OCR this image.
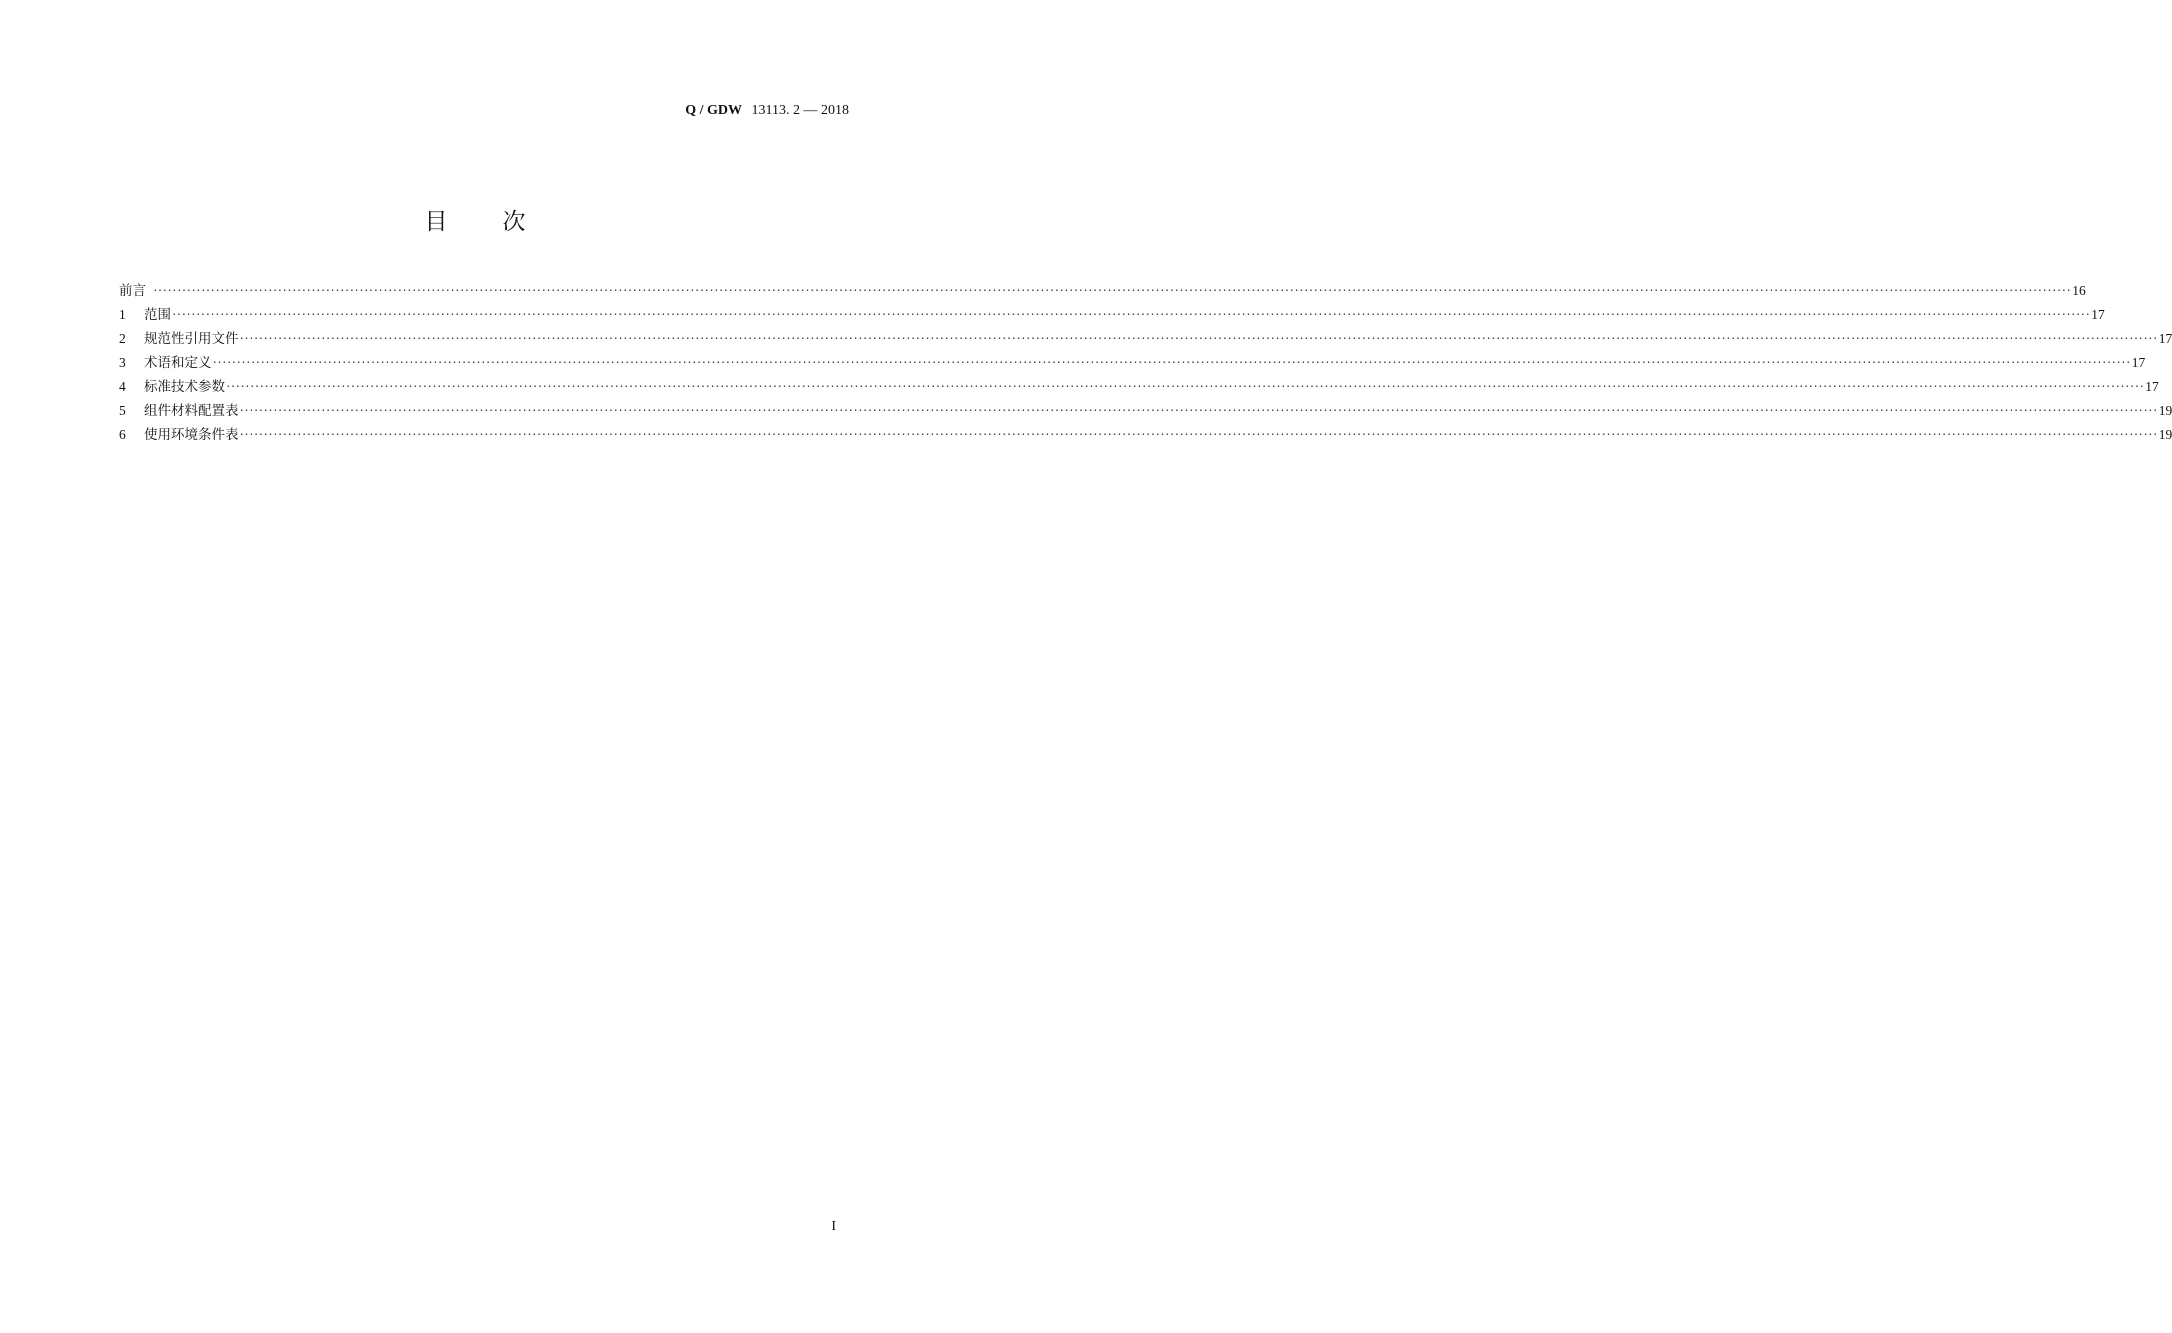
Q / GDW 13113. 2 — 2018
目次
前言 ················································································································································································································································································································································································································ 16
1	范围 ················································································································································································································································································································································································································ 17
2	规范性引用文件 ················································································································································································································································································································································································································ 17
3	术语和定义 ················································································································································································································································································································································································································ 17
4	标准技术参数 ················································································································································································································································································································································································································ 17
5	组件材料配置表 ················································································································································································································································································································································································································ 19
6	使用环境条件表 ················································································································································································································································································································································································································ 19
I
